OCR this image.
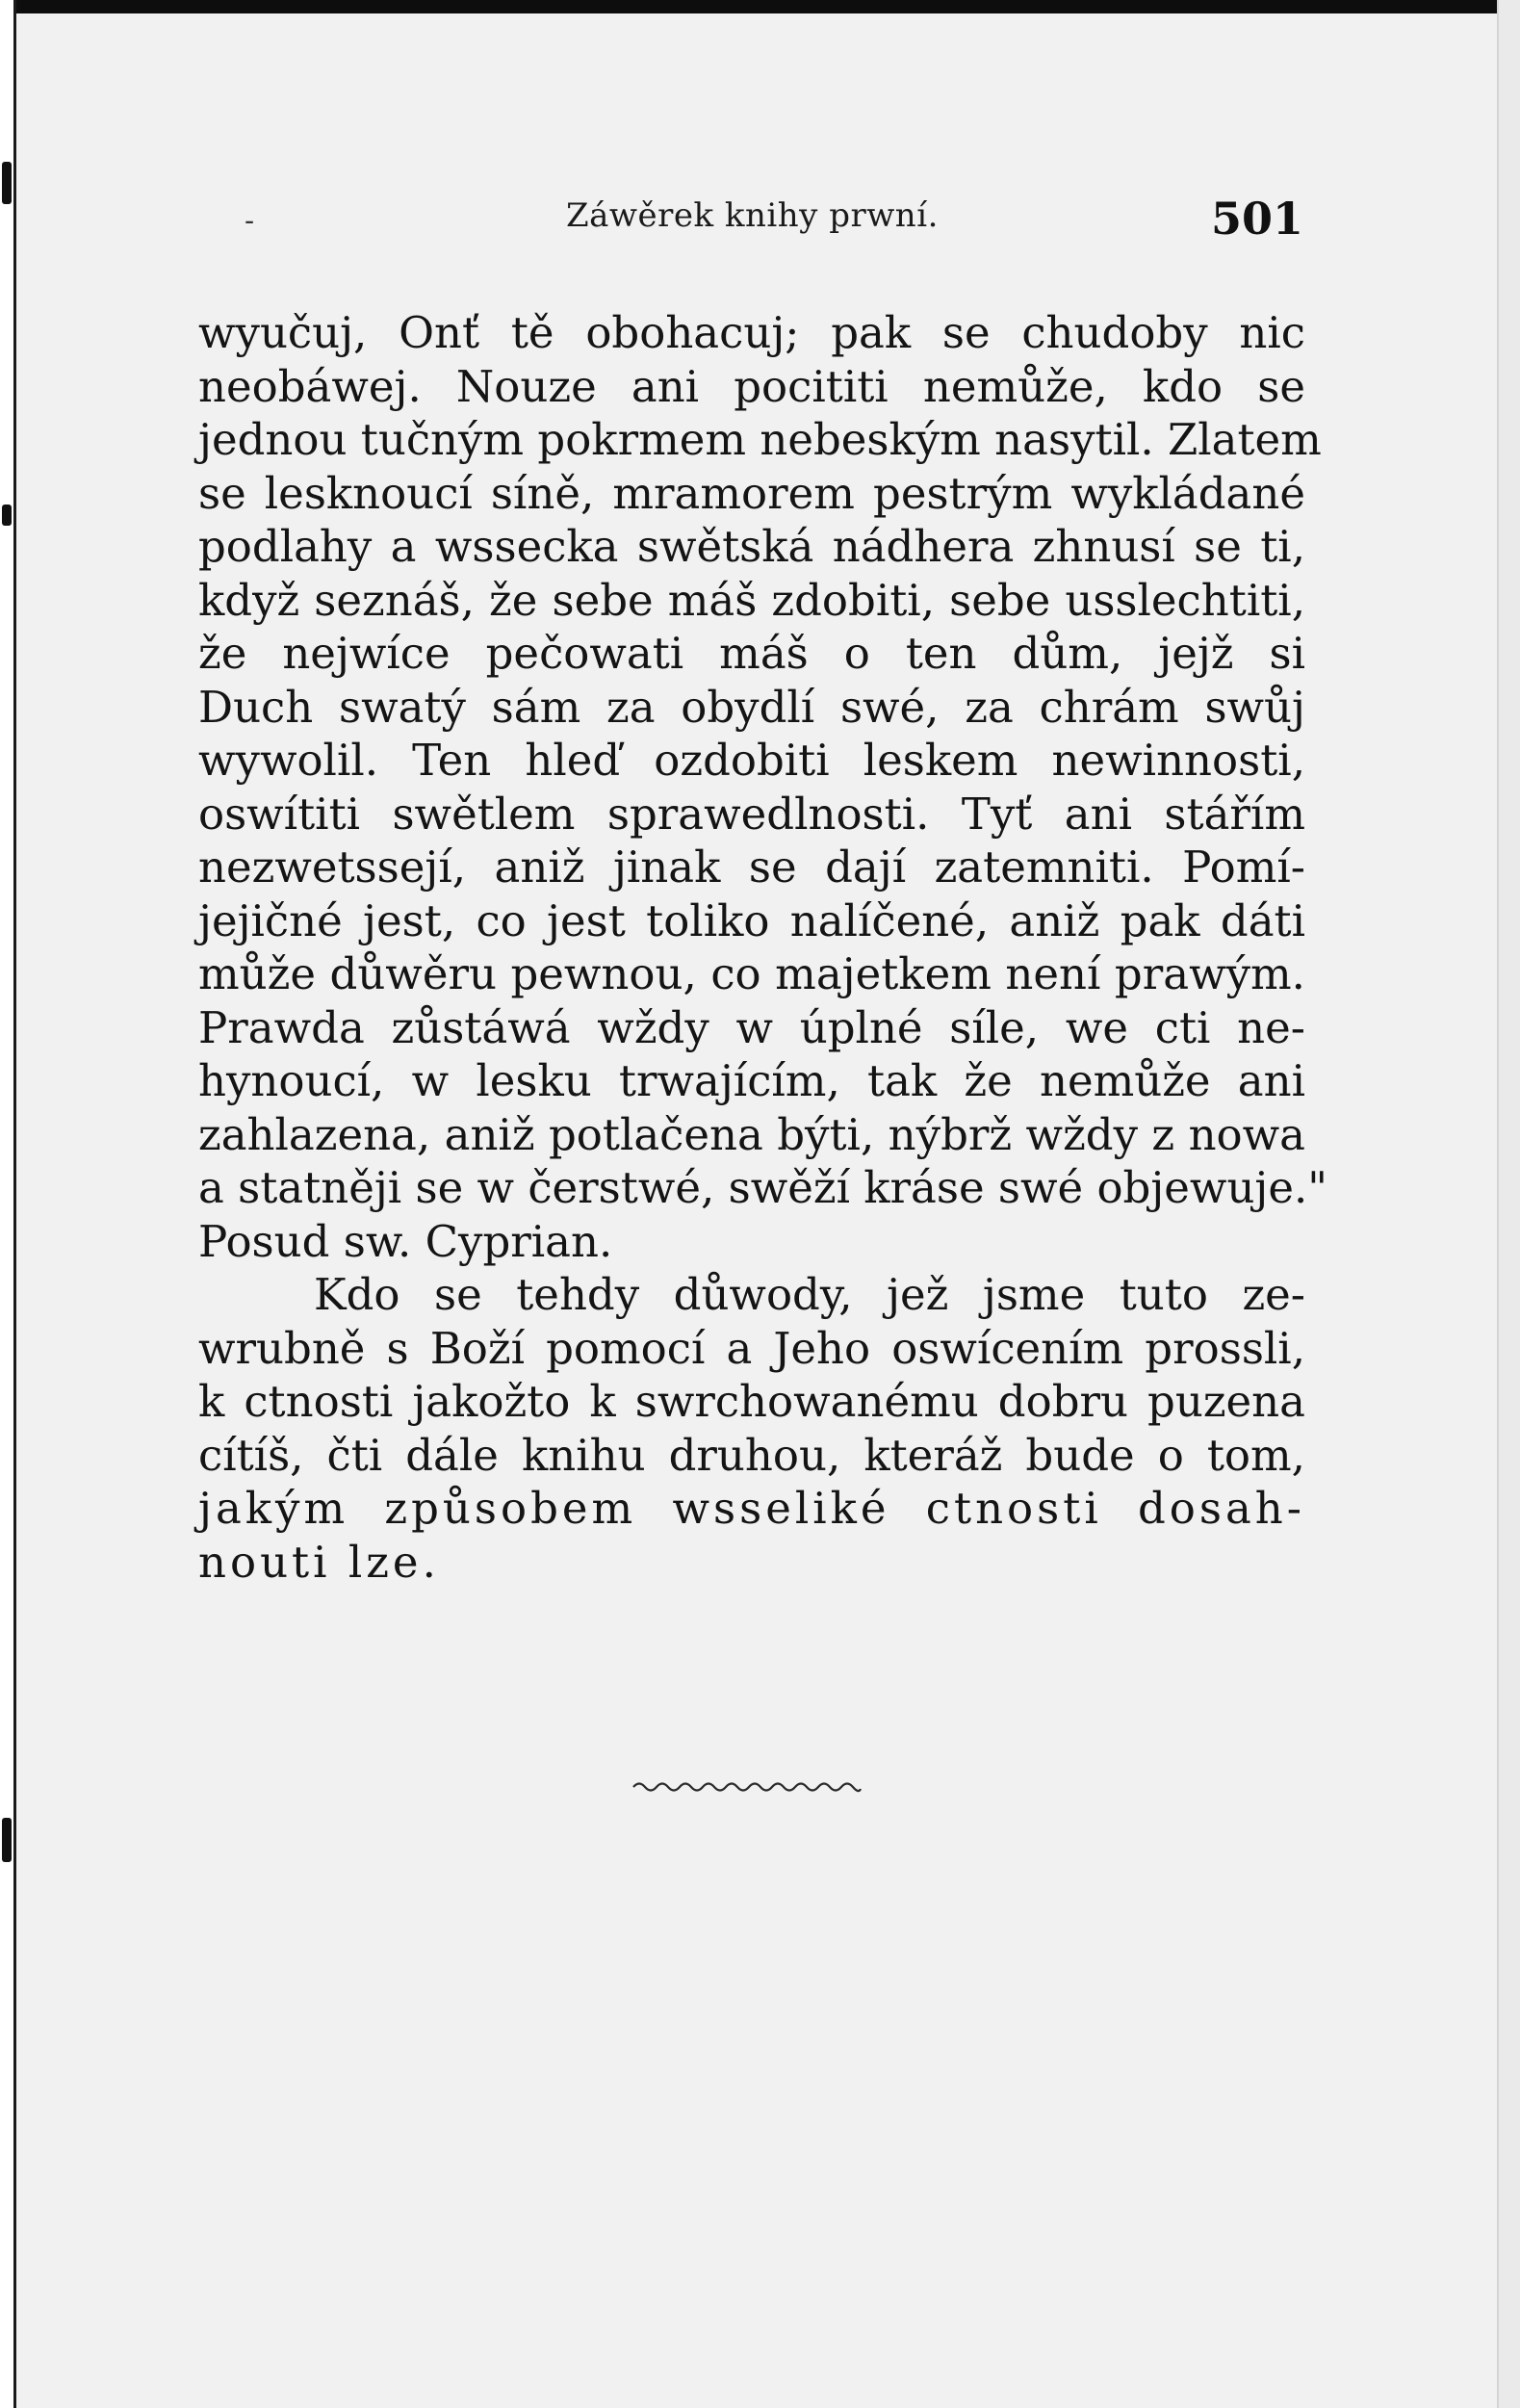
-	Záwěrek knihy prwní.	501
wyučuj, Onť tě obohacuj; pak se chudoby nic
neobáwej. Nouze ani pocititi nemůže, kdo se
jednou tučným pokrmem nebeským nasytil. Zlatem
se lesknoucí síně, mramorem pestrým wykládané
podlahy a wsseckа swětská nádhera zhnusí se ti,
když seznáš, že sebe máš zdobiti, sebe usslechtiti,
že nejwíce pečowati máš o ten dům, jejž si
Duch swatý sám za obydlí swé, za chrám swůj
wywolil. Ten hleď ozdobiti leskem newinnosti,
oswítiti swětlem sprawedlnosti. Tyť ani stářím
nezwetssejí, aniž jinak se dají zatemniti. Pomí-
jejičné jest, co jest toliko nalíčené, aniž pak dáti
může důwěru pewnou, co majetkem není prawým.
Prawda zůstáwá wždy w úplné síle, we cti ne-
hynoucí, w lesku trwajícím, tak že nemůže ani
zahlazena, aniž potlačena býti, nýbrž wždy z nowa
a statněji se w čerstwé, swěží kráse swé objewuje."
Posud sw. Cyprian.
Kdo se tehdy důwody, jež jsme tuto ze-
wrubně s Boží pomocí a Jeho oswícením prossli,
k ctnosti jakožto k swrchowanému dobru puzena
cítíš, čti dále knihu druhou, kteráž bude o tom,
jakým způsobem wsseliké ctnosti dosah-
nouti lze.
